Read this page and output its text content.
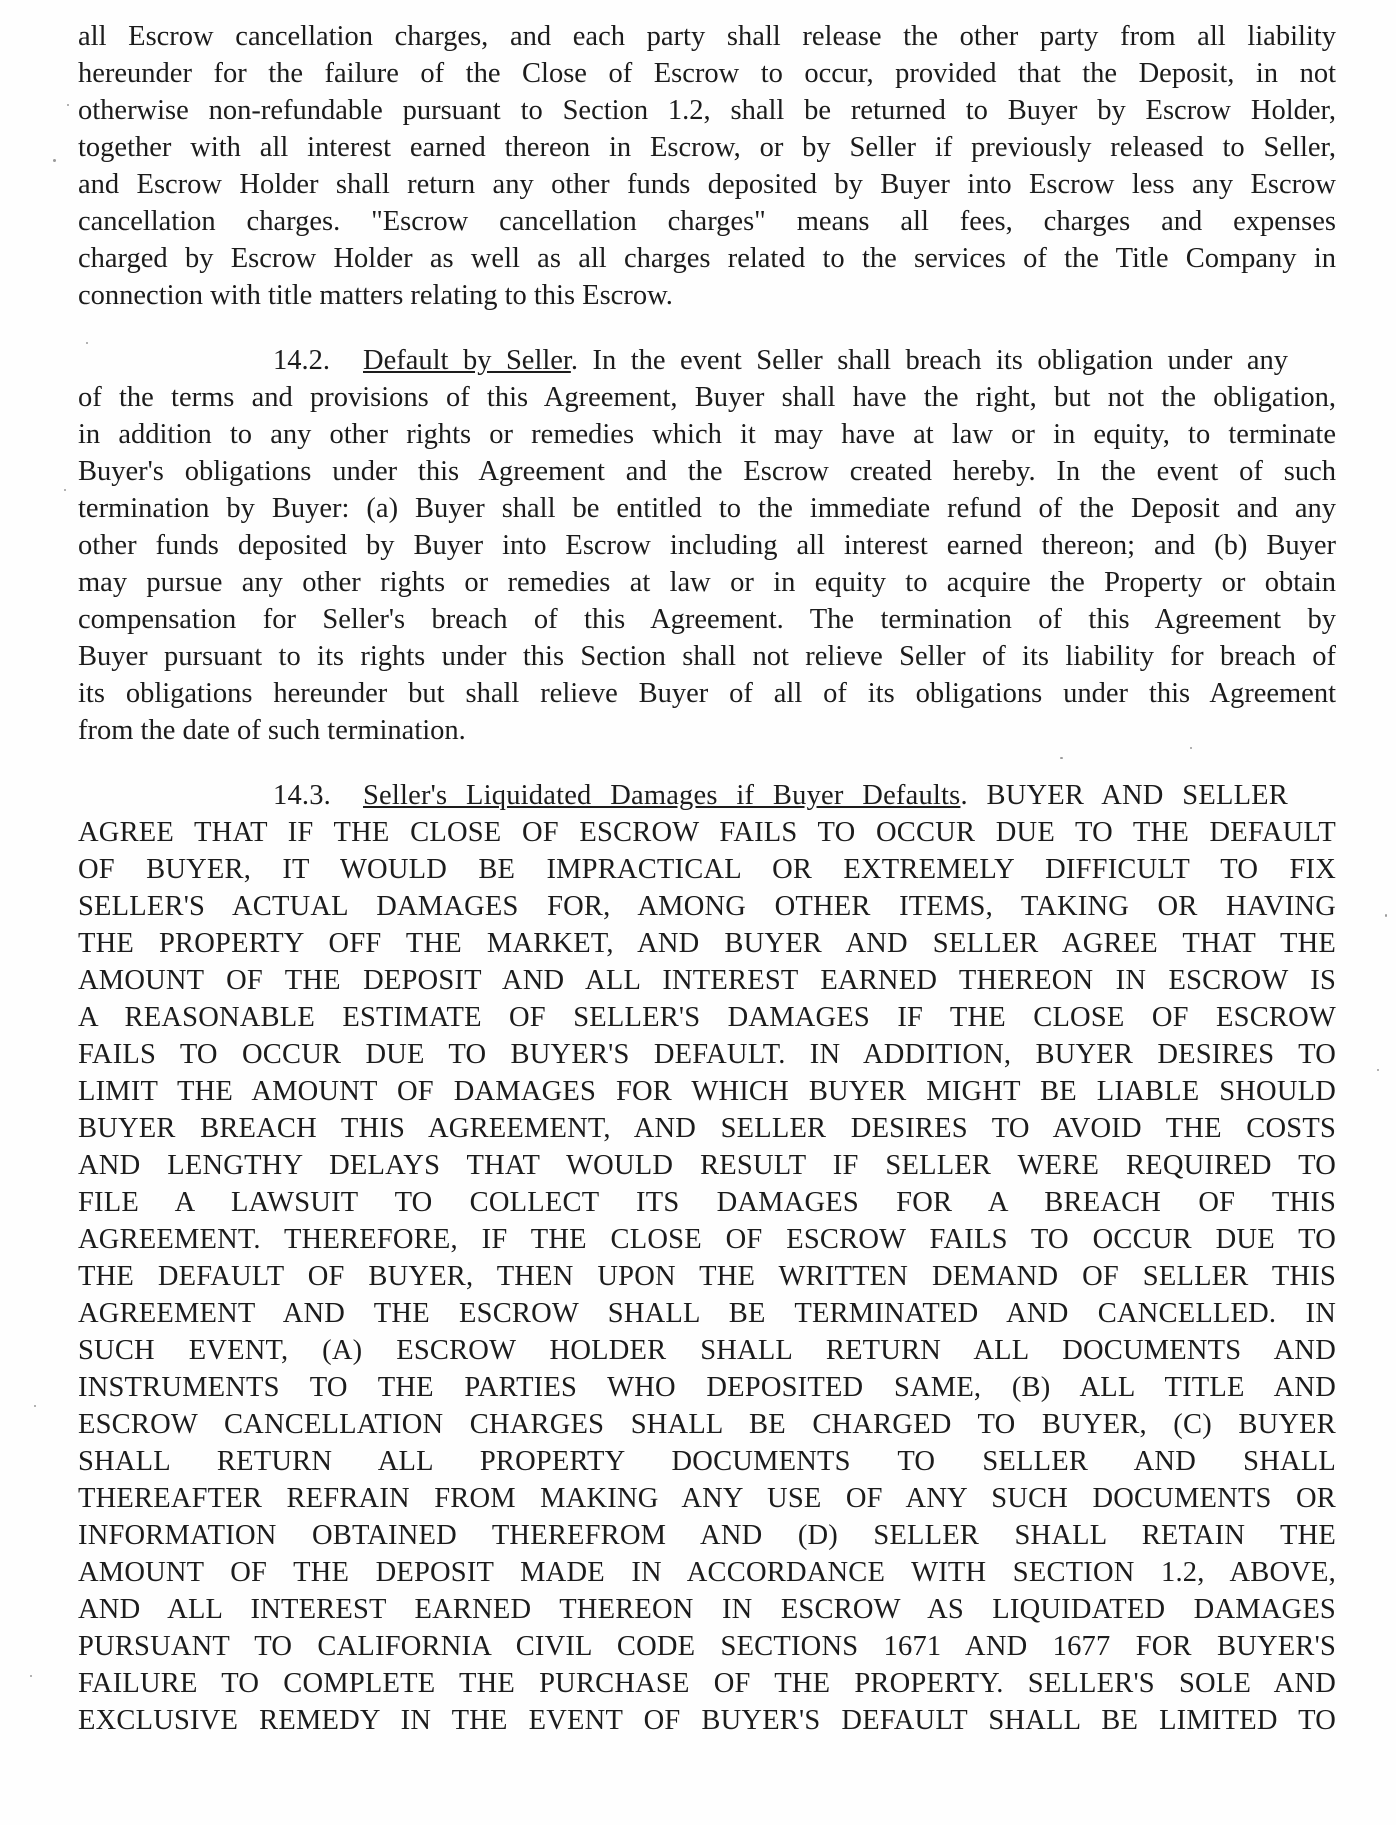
all Escrow cancellation charges, and each party shall release the other party from all liability
hereunder for the failure of the Close of Escrow to occur, provided that the Deposit, in not
otherwise non-refundable pursuant to Section 1.2, shall be returned to Buyer by Escrow Holder,
together with all interest earned thereon in Escrow, or by Seller if previously released to Seller,
and Escrow Holder shall return any other funds deposited by Buyer into Escrow less any Escrow
cancellation charges. "Escrow cancellation charges" means all fees, charges and expenses
charged by Escrow Holder as well as all charges related to the services of the Title Company in
connection with title matters relating to this Escrow.
14.2. Default by Seller. In the event Seller shall breach its obligation under any
of the terms and provisions of this Agreement, Buyer shall have the right, but not the obligation,
in addition to any other rights or remedies which it may have at law or in equity, to terminate
Buyer's obligations under this Agreement and the Escrow created hereby. In the event of such
termination by Buyer: (a) Buyer shall be entitled to the immediate refund of the Deposit and any
other funds deposited by Buyer into Escrow including all interest earned thereon; and (b) Buyer
may pursue any other rights or remedies at law or in equity to acquire the Property or obtain
compensation for Seller's breach of this Agreement. The termination of this Agreement by
Buyer pursuant to its rights under this Section shall not relieve Seller of its liability for breach of
its obligations hereunder but shall relieve Buyer of all of its obligations under this Agreement
from the date of such termination.
14.3. Seller's Liquidated Damages if Buyer Defaults. BUYER AND SELLER
AGREE THAT IF THE CLOSE OF ESCROW FAILS TO OCCUR DUE TO THE DEFAULT
OF BUYER, IT WOULD BE IMPRACTICAL OR EXTREMELY DIFFICULT TO FIX
SELLER'S ACTUAL DAMAGES FOR, AMONG OTHER ITEMS, TAKING OR HAVING
THE PROPERTY OFF THE MARKET, AND BUYER AND SELLER AGREE THAT THE
AMOUNT OF THE DEPOSIT AND ALL INTEREST EARNED THEREON IN ESCROW IS
A REASONABLE ESTIMATE OF SELLER'S DAMAGES IF THE CLOSE OF ESCROW
FAILS TO OCCUR DUE TO BUYER'S DEFAULT. IN ADDITION, BUYER DESIRES TO
LIMIT THE AMOUNT OF DAMAGES FOR WHICH BUYER MIGHT BE LIABLE SHOULD
BUYER BREACH THIS AGREEMENT, AND SELLER DESIRES TO AVOID THE COSTS
AND LENGTHY DELAYS THAT WOULD RESULT IF SELLER WERE REQUIRED TO
FILE A LAWSUIT TO COLLECT ITS DAMAGES FOR A BREACH OF THIS
AGREEMENT. THEREFORE, IF THE CLOSE OF ESCROW FAILS TO OCCUR DUE TO
THE DEFAULT OF BUYER, THEN UPON THE WRITTEN DEMAND OF SELLER THIS
AGREEMENT AND THE ESCROW SHALL BE TERMINATED AND CANCELLED. IN
SUCH EVENT, (A) ESCROW HOLDER SHALL RETURN ALL DOCUMENTS AND
INSTRUMENTS TO THE PARTIES WHO DEPOSITED SAME, (B) ALL TITLE AND
ESCROW CANCELLATION CHARGES SHALL BE CHARGED TO BUYER, (C) BUYER
SHALL RETURN ALL PROPERTY DOCUMENTS TO SELLER AND SHALL
THEREAFTER REFRAIN FROM MAKING ANY USE OF ANY SUCH DOCUMENTS OR
INFORMATION OBTAINED THEREFROM AND (D) SELLER SHALL RETAIN THE
AMOUNT OF THE DEPOSIT MADE IN ACCORDANCE WITH SECTION 1.2, ABOVE,
AND ALL INTEREST EARNED THEREON IN ESCROW AS LIQUIDATED DAMAGES
PURSUANT TO CALIFORNIA CIVIL CODE SECTIONS 1671 AND 1677 FOR BUYER'S
FAILURE TO COMPLETE THE PURCHASE OF THE PROPERTY. SELLER'S SOLE AND
EXCLUSIVE REMEDY IN THE EVENT OF BUYER'S DEFAULT SHALL BE LIMITED TO
